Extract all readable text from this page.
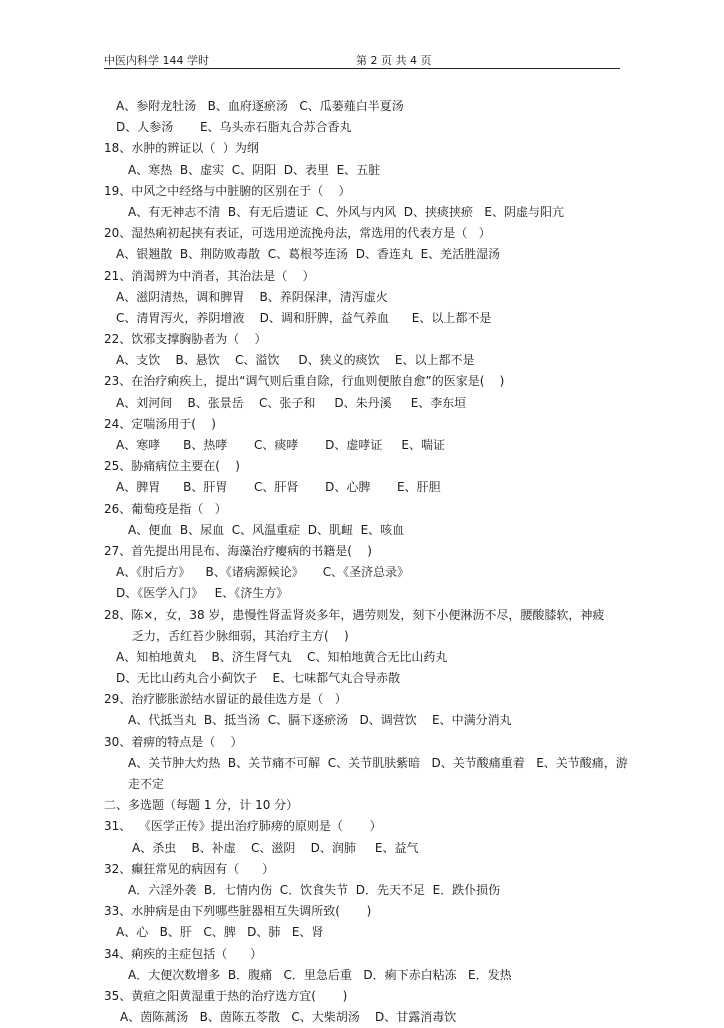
中医内科学 144 学时	第 2 页 共 4 页
A、参附龙牡汤   B、血府逐瘀汤   C、瓜蒌薤白半夏汤
D、人参汤       E、乌头赤石脂丸合苏合香丸
18、水肿的辨证以（  ）为纲
A、寒热  B、虚实  C、阴阳  D、表里  E、五脏
19、中风之中经络与中脏腑的区别在于（    ）
A、有无神志不清  B、有无后遗证  C、外风与内风  D、挟痰挟瘀   E、阴虚与阳亢
20、湿热痢初起挟有表证，可选用逆流挽舟法，常选用的代表方是（   ）
A、银翘散  B、荆防败毒散  C、葛根芩连汤  D、香连丸  E、羌活胜湿汤
21、消渴辨为中消者，其治法是（    ）
A、滋阴清热，调和脾胃    B、养阴保津，清泻虚火
C、清胃泻火，养阴增液    D、调和肝脾，益气养血      E、以上都不是
22、饮邪支撑胸胁者为（    ）
A、支饮    B、悬饮    C、溢饮     D、狭义的痰饮    E、以上都不是
23、在治疗痢疾上，提出“调气则后重自除，行血则便脓自愈”的医家是(    )
A、刘河间    B、张景岳    C、张子和     D、朱丹溪     E、李东垣
24、定喘汤用于(    )
A、寒哮      B、热哮       C、痰哮       D、虚哮证     E、喘证
25、胁痛病位主要在(    )
A、脾胃      B、肝胃       C、肝肾       D、心脾       E、肝胆
26、葡萄疫是指（   ）
A、便血  B、尿血  C、风温重症  D、肌衄  E、咳血
27、首先提出用昆布、海藻治疗瘿病的书籍是(    )
A、《肘后方》    B、《诸病源候论》     C、《圣济总录》
D、《医学入门》   E、《济生方》
28、陈×，女，38 岁，患慢性肾盂肾炎多年，遇劳则发，刻下小便淋沥不尽，腰酸膝软，神疲
乏力，舌红苔少脉细弱，其治疗主方(    )
A、知柏地黄丸    B、济生肾气丸    C、知柏地黄合无比山药丸
D、无比山药丸合小蓟饮子    E、七味都气丸合导赤散
29、治疗膨胀淤结水留证的最佳选方是（   ）
A、代抵当丸  B、抵当汤  C、膈下逐瘀汤   D、调营饮    E、中满分消丸
30、着痹的特点是（    ）
A、关节肿大灼热  B、关节痛不可解  C、关节肌肤紫暗   D、关节酸痛重着   E、关节酸痛，游
走不定
二、多选题（每题 1 分，计 10 分）
31、  《医学正传》提出治疗肺痨的原则是（       ）
A、杀虫    B、补虚    C、滋阴    D、润肺     E、益气
32、癫狂常见的病因有（      ）
A．六淫外袭  B．七情内伤  C．饮食失节  D．先天不足  E．跌仆损伤
33、水肿病是由下列哪些脏器相互失调所致(       )
A、心   B、肝   C、脾   D、肺   E、肾
34、痢疾的主症包括（      ）
A．大便次数增多  B．腹痛   C．里急后重   D．痢下赤白粘冻   E．发热
35、黄疸之阳黄湿重于热的治疗选方宜(       )
A、茵陈蒿汤   B、茵陈五苓散   C、大柴胡汤    D、甘露消毒饮
